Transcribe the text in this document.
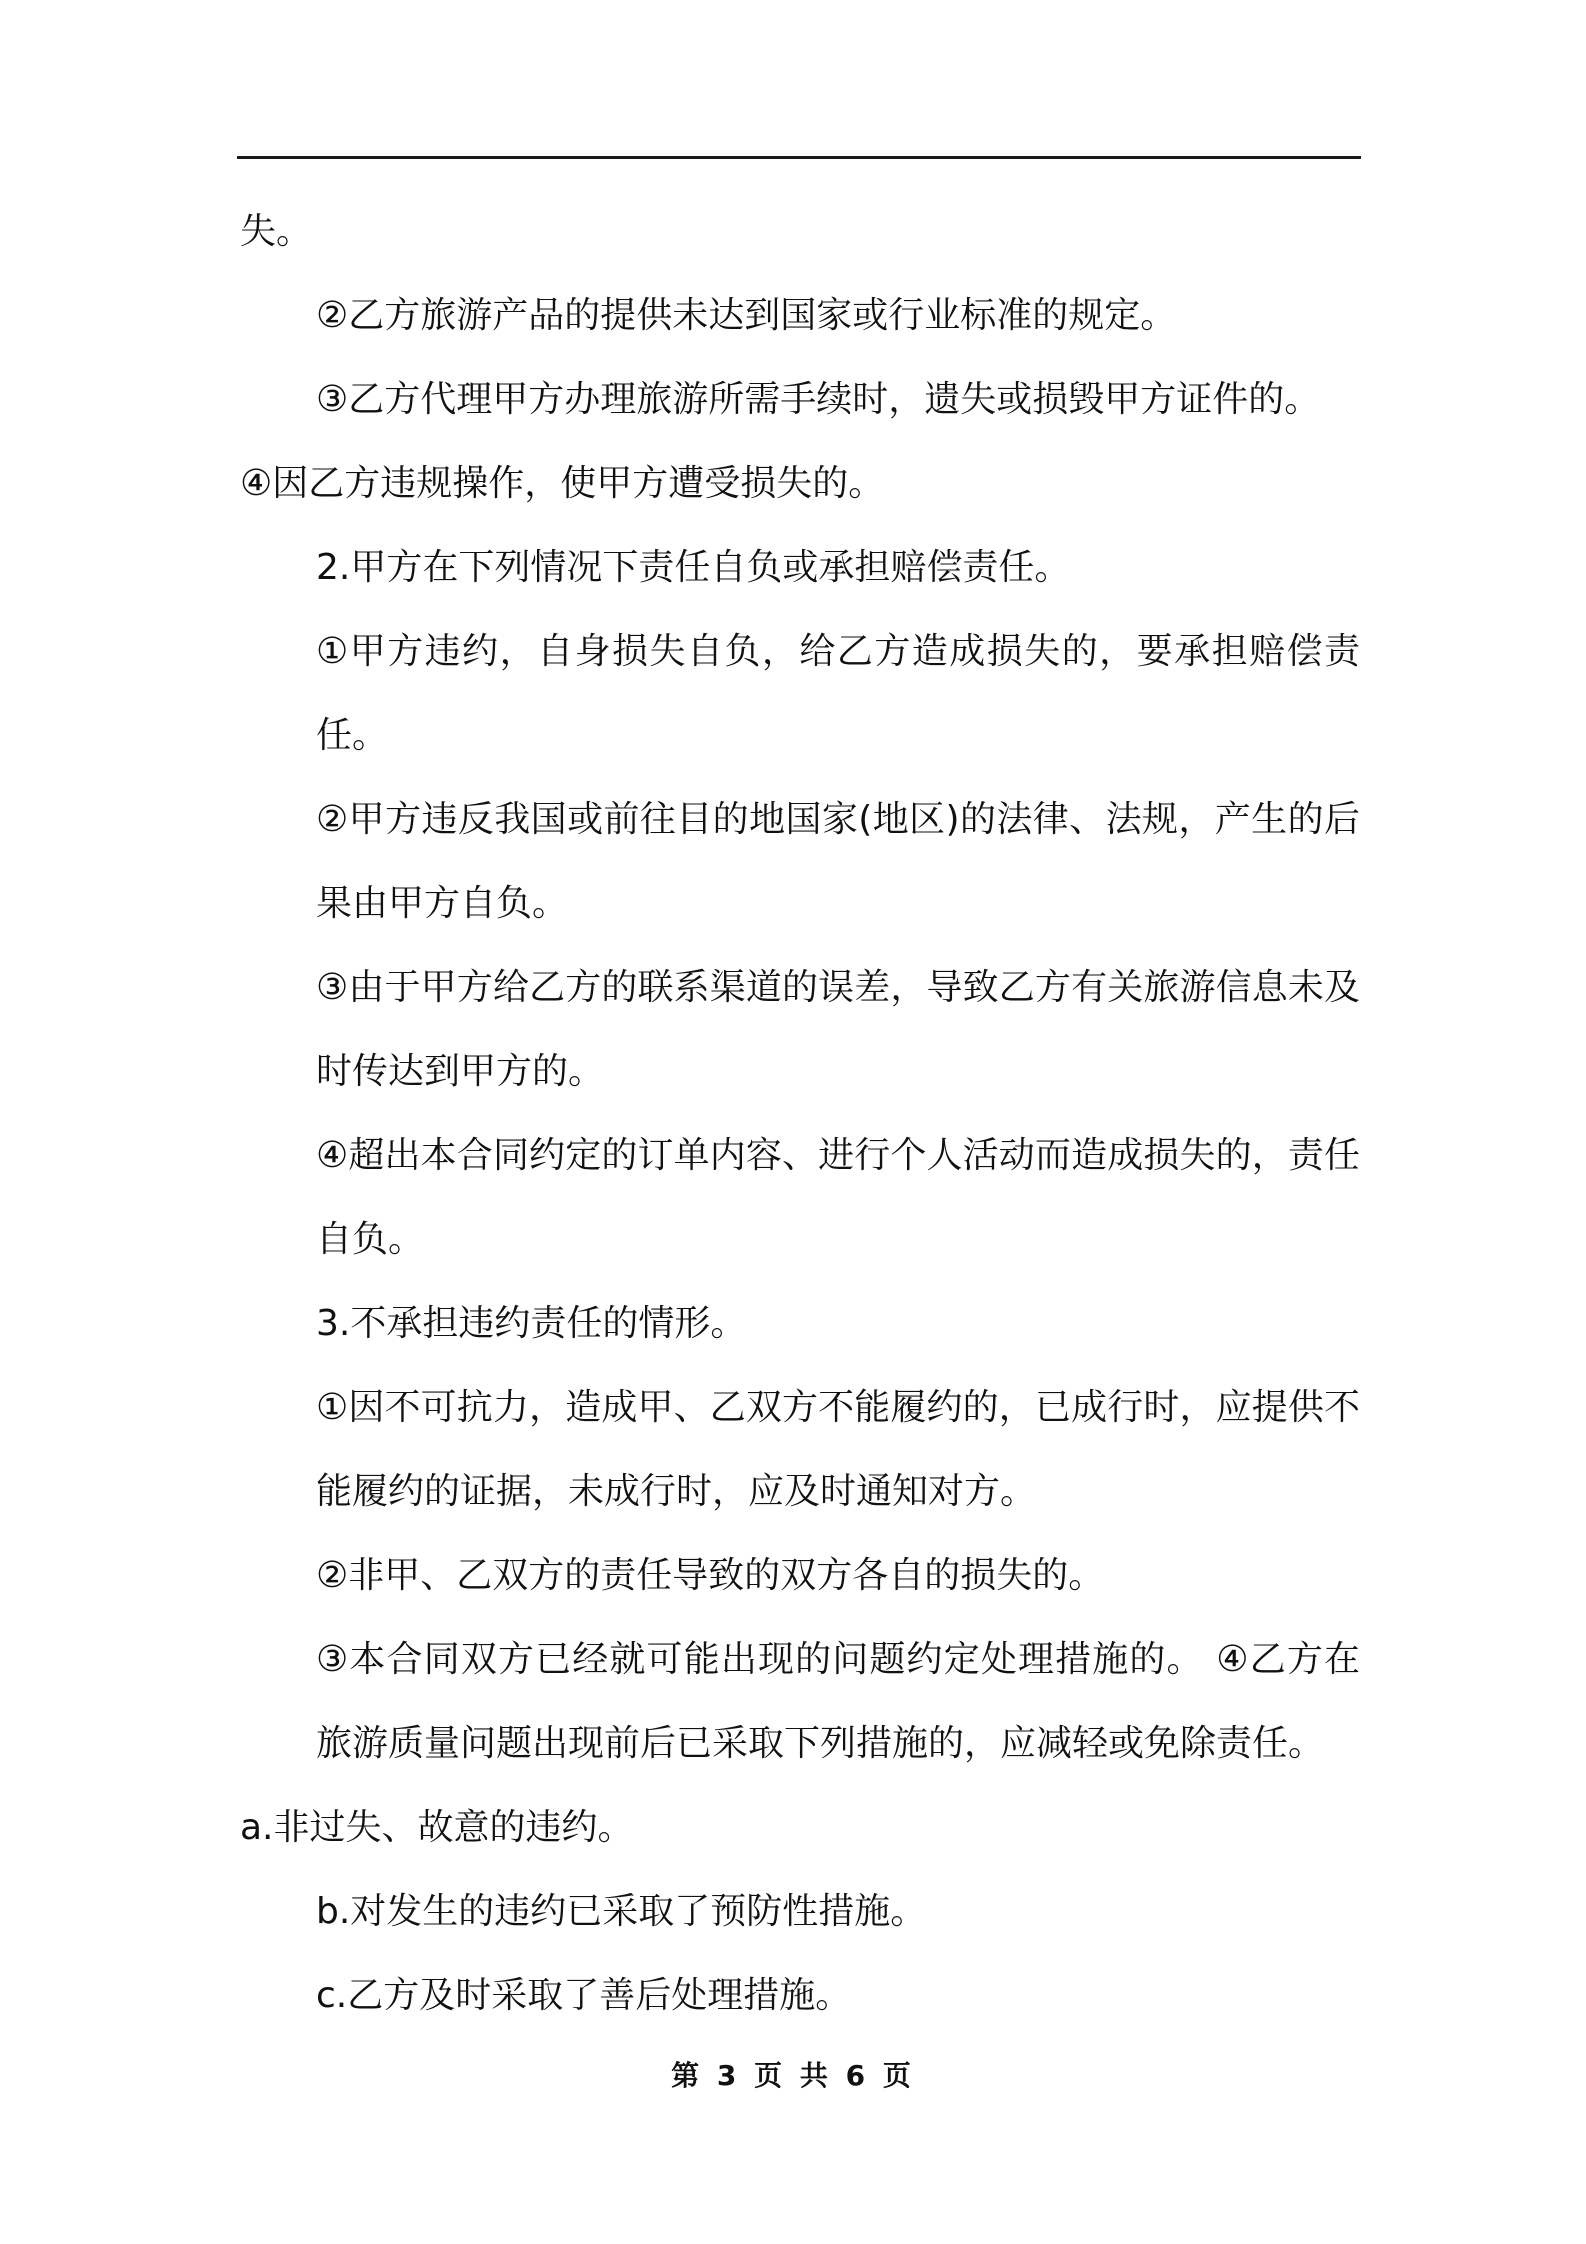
失。

②乙方旅游产品的提供未达到国家或行业标准的规定。

③乙方代理甲方办理旅游所需手续时，遗失或损毁甲方证件的。

④因乙方违规操作，使甲方遭受损失的。

2.甲方在下列情况下责任自负或承担赔偿责任。

①甲方违约，自身损失自负，给乙方造成损失的，要承担赔偿责任。

②甲方违反我国或前往目的地国家(地区)的法律、法规，产生的后果由甲方自负。

③由于甲方给乙方的联系渠道的误差，导致乙方有关旅游信息未及时传达到甲方的。

④超出本合同约定的订单内容、进行个人活动而造成损失的，责任自负。

3.不承担违约责任的情形。

①因不可抗力，造成甲、乙双方不能履约的，已成行时，应提供不能履约的证据，未成行时，应及时通知对方。

②非甲、乙双方的责任导致的双方各自的损失的。

③本合同双方已经就可能出现的问题约定处理措施的。 ④乙方在旅游质量问题出现前后已采取下列措施的，应减轻或免除责任。

a.非过失、故意的违约。

b.对发生的违约已采取了预防性措施。

c.乙方及时采取了善后处理措施。

第 3 页 共 6 页
